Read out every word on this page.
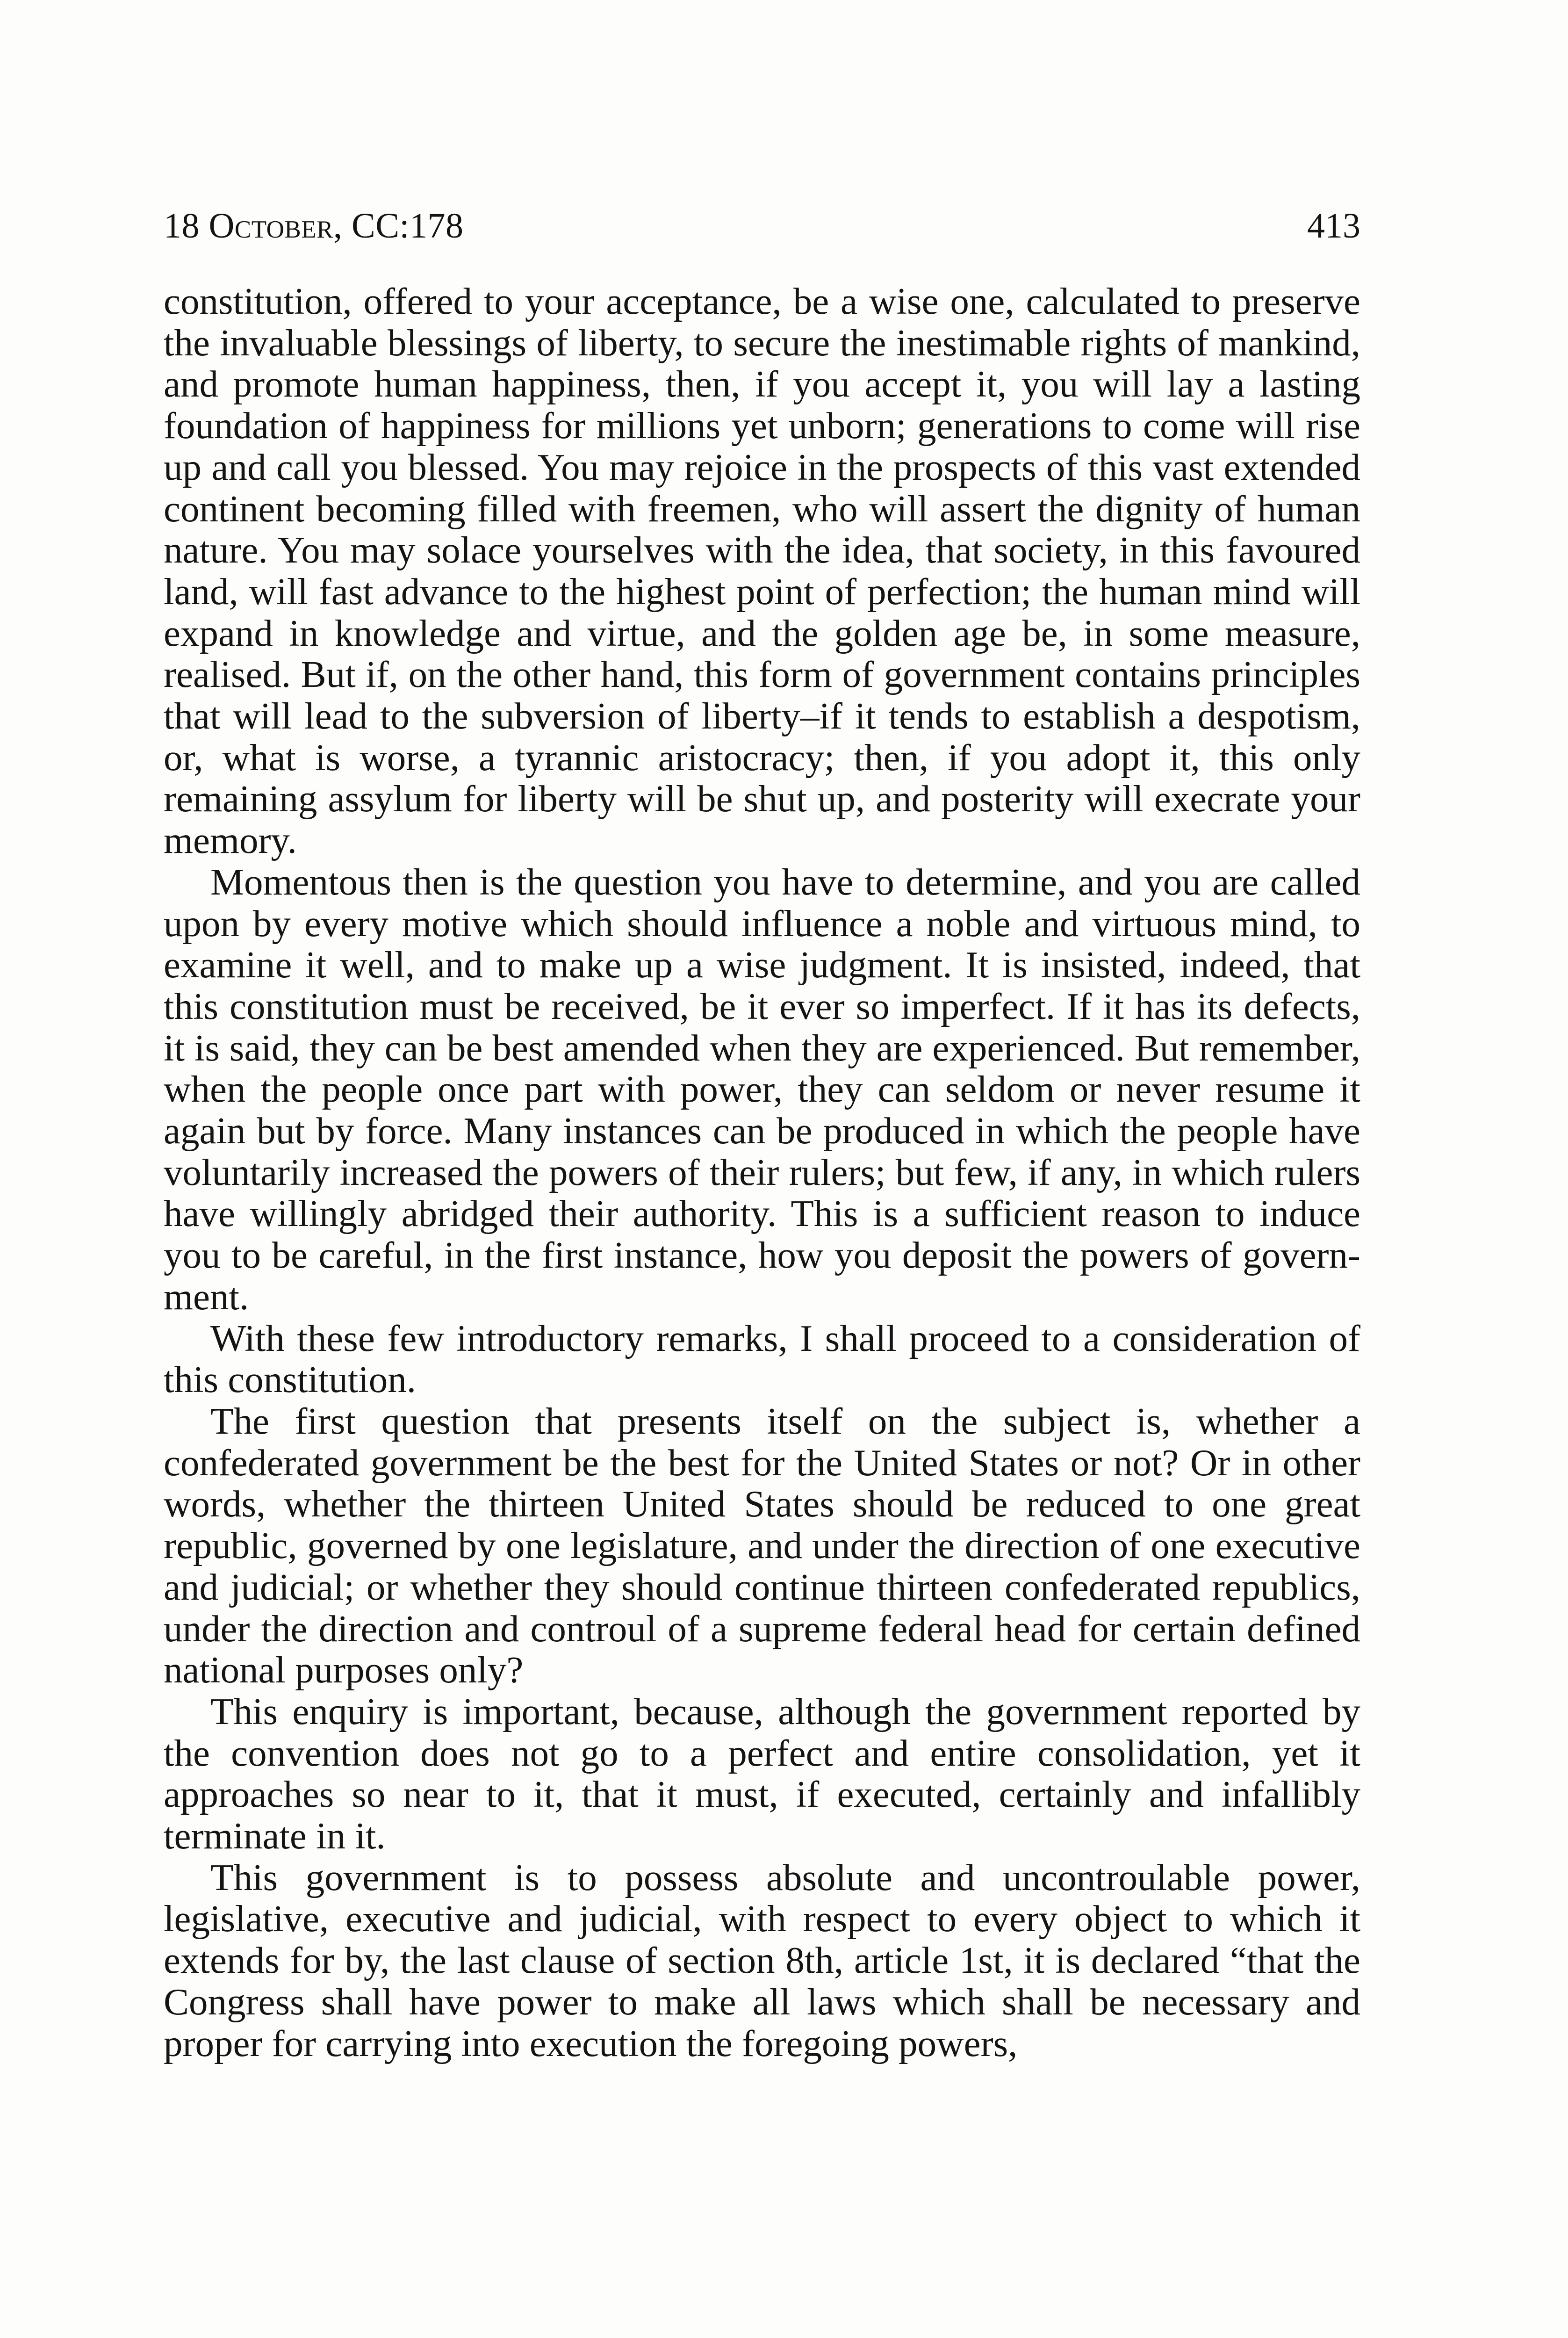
18 October, CC:178	413

constitution, offered to your acceptance, be a wise one, calculated to preserve the invaluable blessings of liberty, to secure the inestimable rights of mankind, and promote human happiness, then, if you accept it, you will lay a lasting foundation of happiness for millions yet unborn; generations to come will rise up and call you blessed. You may rejoice in the prospects of this vast extended continent becoming filled with freemen, who will assert the dignity of human nature. You may solace yourselves with the idea, that society, in this favoured land, will fast advance to the highest point of perfection; the human mind will expand in knowledge and virtue, and the golden age be, in some measure, realised. But if, on the other hand, this form of government contains principles that will lead to the subversion of liberty–if it tends to establish a despotism, or, what is worse, a tyrannic aristocracy; then, if you adopt it, this only remaining assylum for liberty will be shut up, and posterity will execrate your memory.

Momentous then is the question you have to determine, and you are called upon by every motive which should influence a noble and virtuous mind, to examine it well, and to make up a wise judgment. It is insisted, indeed, that this constitution must be received, be it ever so imperfect. If it has its defects, it is said, they can be best amended when they are experienced. But remember, when the people once part with power, they can seldom or never resume it again but by force. Many instances can be produced in which the people have voluntarily increased the powers of their rulers; but few, if any, in which rulers have willingly abridged their authority. This is a sufficient reason to induce you to be careful, in the first instance, how you deposit the powers of government.

With these few introductory remarks, I shall proceed to a consideration of this constitution.

The first question that presents itself on the subject is, whether a confederated government be the best for the United States or not? Or in other words, whether the thirteen United States should be reduced to one great republic, governed by one legislature, and under the direction of one executive and judicial; or whether they should continue thirteen confederated republics, under the direction and controul of a supreme federal head for certain defined national purposes only?

This enquiry is important, because, although the government reported by the convention does not go to a perfect and entire consolidation, yet it approaches so near to it, that it must, if executed, certainly and infallibly terminate in it.

This government is to possess absolute and uncontroulable power, legislative, executive and judicial, with respect to every object to which it extends for by, the last clause of section 8th, article 1st, it is declared “that the Congress shall have power to make all laws which shall be necessary and proper for carrying into execution the foregoing powers,
